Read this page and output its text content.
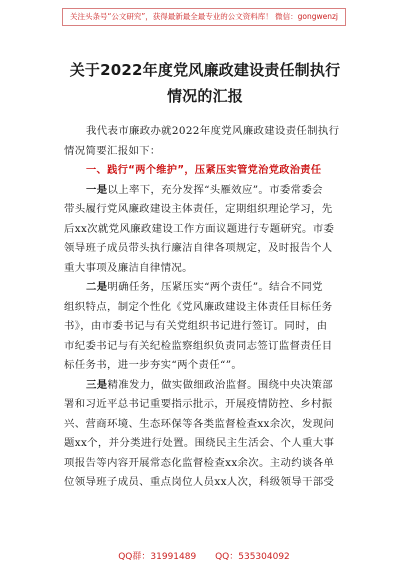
关注头条号“公文研究”，获得最新最全最专业的公文资料库！ 微信：gongwenzj
关于2022年度党风廉政建设责任制执行
情况的汇报
我代表市廉政办就2022年度党风廉政建设责任制执行
情况简要汇报如下：
一、践行“两个维护”，压紧压实管党治党政治责任
一是以上率下，充分发挥“头雁效应”。市委常委会
带头履行党风廉政建设主体责任，定期组织理论学习，先
后xx次就党风廉政建设工作方面议题进行专题研究。市委
领导班子成员带头执行廉洁自律各项规定，及时报告个人
重大事项及廉洁自律情况。
二是明确任务，压紧压实“两个责任”。结合不同党
组织特点，制定个性化《党风廉政建设主体责任目标任务
书》，由市委书记与有关党组织书记进行签订。同时，由
市纪委书记与有关纪检监察组织负责同志签订监督责任目
标任务书，进一步夯实“两个责任“”。
三是精准发力，做实做细政治监督。围绕中央决策部
署和习近平总书记重要指示批示，开展疫情防控、乡村振
兴、营商环境、生态环保等各类监督检查xx余次，发现问
题xx个，并分类进行处置。围绕民主生活会、个人重大事
项报告等内容开展常态化监督检查xx余次。主动约谈各单
位领导班子成员、重点岗位人员xx人次，科级领导干部受
QQ群：31991489 QQ：535304092
